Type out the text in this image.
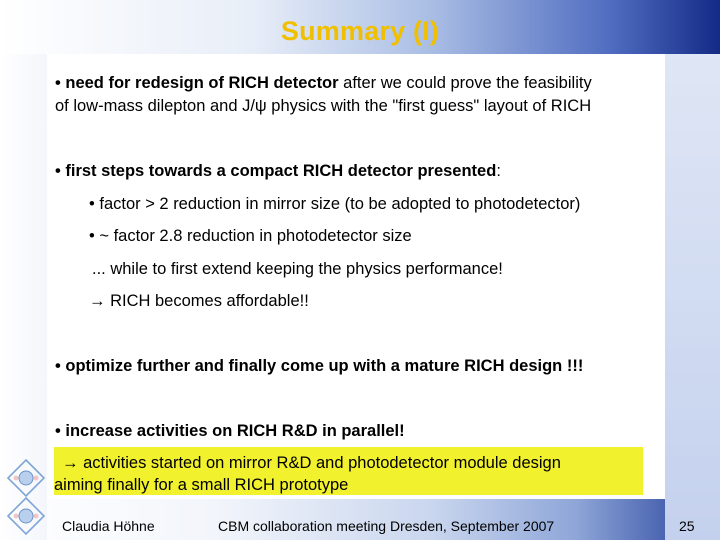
Summary (I)
• need for redesign of RICH detector after we could prove the feasibility
of low-mass dilepton and J/ψ physics with the "first guess" layout of RICH
• first steps towards a compact RICH detector presented:
• factor > 2 reduction in mirror size (to be adopted to photodetector)
• ~ factor 2.8 reduction in photodetector size
... while to first extend keeping the physics performance!
→ RICH becomes affordable!!
• optimize further and finally come up with a mature RICH design !!!
• increase activities on RICH R&D in parallel!
→ activities started on mirror R&D and photodetector module design
aiming finally for a small RICH prototype
Claudia Höhne	CBM collaboration meeting Dresden, September 2007	25
